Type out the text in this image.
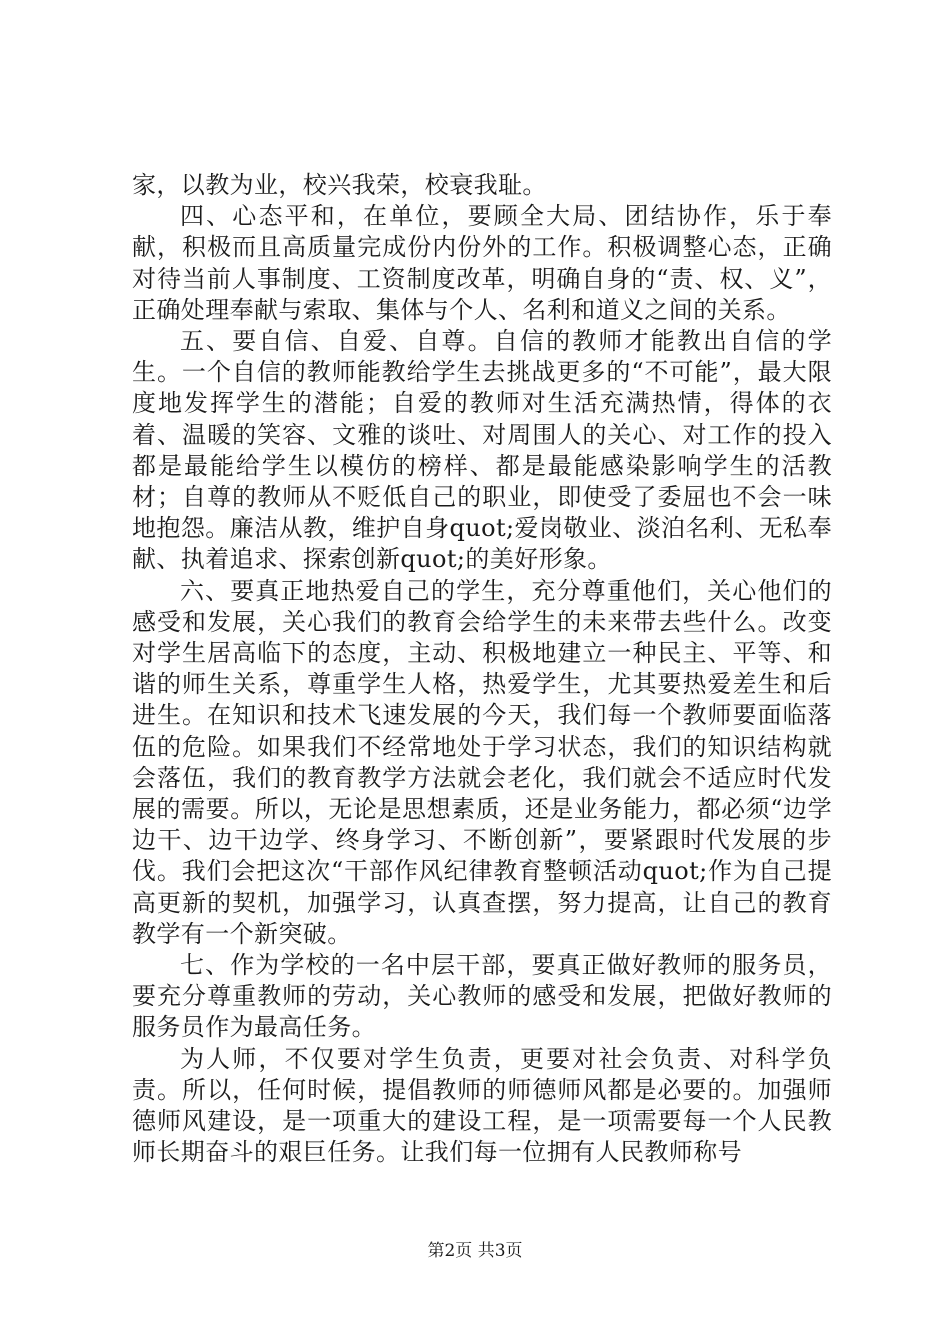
家，以教为业，校兴我荣，校衰我耻。

四、心态平和，在单位，要顾全大局、团结协作，乐于奉献，积极而且高质量完成份内份外的工作。积极调整心态，正确对待当前人事制度、工资制度改革，明确自身的“责、权、义”，正确处理奉献与索取、集体与个人、名利和道义之间的关系。

五、要自信、自爱、自尊。自信的教师才能教出自信的学生。一个自信的教师能教给学生去挑战更多的“不可能”，最大限度地发挥学生的潜能；自爱的教师对生活充满热情，得体的衣着、温暖的笑容、文雅的谈吐、对周围人的关心、对工作的投入都是最能给学生以模仿的榜样、都是最能感染影响学生的活教材；自尊的教师从不贬低自己的职业，即使受了委屈也不会一味地抱怨。廉洁从教，维护自身quot;爱岗敬业、淡泊名利、无私奉献、执着追求、探索创新quot;的美好形象。

六、要真正地热爱自己的学生，充分尊重他们，关心他们的感受和发展，关心我们的教育会给学生的未来带去些什么。改变对学生居高临下的态度，主动、积极地建立一种民主、平等、和谐的师生关系，尊重学生人格，热爱学生，尤其要热爱差生和后进生。在知识和技术飞速发展的今天，我们每一个教师要面临落伍的危险。如果我们不经常地处于学习状态，我们的知识结构就会落伍，我们的教育教学方法就会老化，我们就会不适应时代发展的需要。所以，无论是思想素质，还是业务能力，都必须“边学边干、边干边学、终身学习、不断创新”，要紧跟时代发展的步伐。我们会把这次“干部作风纪律教育整顿活动quot;作为自己提高更新的契机，加强学习，认真查摆，努力提高，让自己的教育教学有一个新突破。

七、作为学校的一名中层干部，要真正做好教师的服务员，要充分尊重教师的劳动，关心教师的感受和发展，把做好教师的服务员作为最高任务。

为人师，不仅要对学生负责，更要对社会负责、对科学负责。所以，任何时候，提倡教师的师德师风都是必要的。加强师德师风建设，是一项重大的建设工程，是一项需要每一个人民教师长期奋斗的艰巨任务。让我们每一位拥有人民教师称号

第2页 共3页
